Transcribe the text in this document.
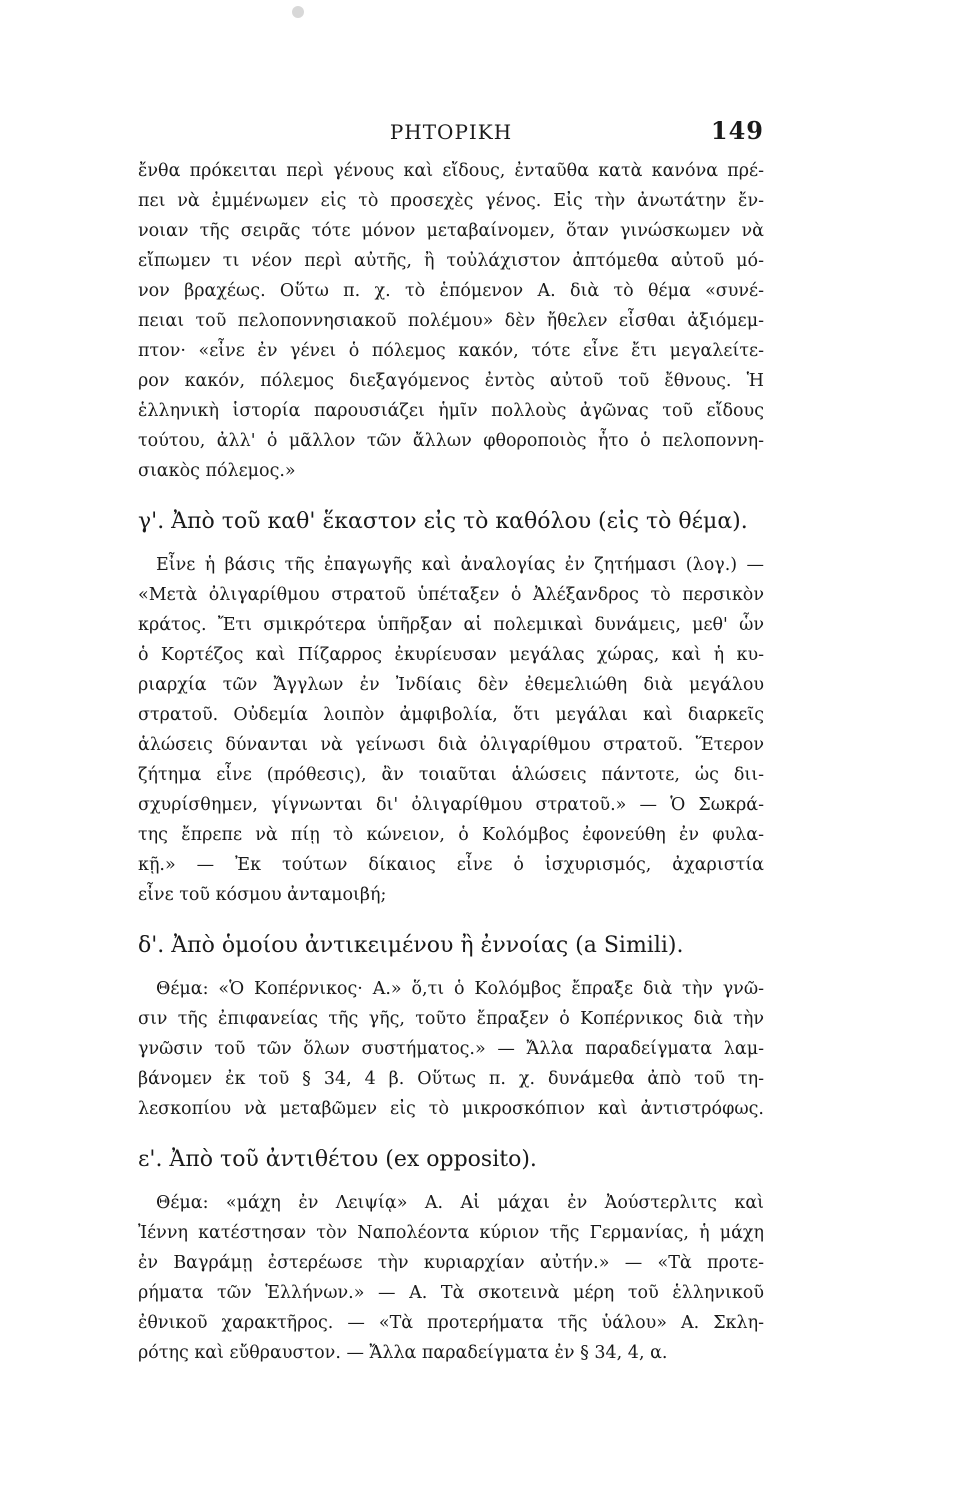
ΡΗΤΟΡΙΚΗ	149
ἔνθα πρόκειται περὶ γένους καὶ εἴδους, ἐνταῦθα κατὰ κανόνα πρέ-
πει νὰ ἐμμένωμεν εἰς τὸ προσεχὲς γένος. Εἰς τὴν ἀνωτάτην ἔν-
νοιαν τῆς σειρᾶς τότε μόνον μεταβαίνομεν, ὅταν γινώσκωμεν νὰ
εἴπωμεν τι νέον περὶ αὐτῆς, ἢ τοὐλάχιστον ἀπτόμεθα αὐτοῦ μό-
νον βραχέως. Οὕτω π. χ. τὸ ἑπόμενον Α. διὰ τὸ θέμα «συνέ-
πειαι τοῦ πελοποννησιακοῦ πολέμου» δὲν ἤθελεν εἶσθαι ἀξιόμεμ-
πτον· «εἶνε ἐν γένει ὁ πόλεμος κακόν, τότε εἶνε ἔτι μεγαλείτε-
ρον κακόν, πόλεμος διεξαγόμενος ἐντὸς αὐτοῦ τοῦ ἔθνους. Ἡ
ἑλληνικὴ ἱστορία παρουσιάζει ἡμῖν πολλοὺς ἀγῶνας τοῦ εἴδους
τούτου, ἀλλ' ὁ μᾶλλον τῶν ἄλλων φθοροποιὸς ἦτο ὁ πελοποννη-
σιακὸς πόλεμος.»
γ'. Ἀπὸ τοῦ καθ' ἕκαστον εἰς τὸ καθόλου (εἰς τὸ θέμα).
Εἶνε ἡ βάσις τῆς ἐπαγωγῆς καὶ ἀναλογίας ἐν ζητήμασι (λογ.) —
«Μετὰ ὀλιγαρίθμου στρατοῦ ὑπέταξεν ὁ Ἀλέξανδρος τὸ περσικὸν
κράτος. Ἔτι σμικρότερα ὑπῆρξαν αἱ πολεμικαὶ δυνάμεις, μεθ' ὧν
ὁ Κορτέζος καὶ Πίζαρρος ἐκυρίευσαν μεγάλας χώρας, καὶ ἡ κυ-
ριαρχία τῶν Ἄγγλων ἐν Ἰνδίαις δὲν ἐθεμελιώθη διὰ μεγάλου
στρατοῦ. Οὐδεμία λοιπὸν ἀμφιβολία, ὅτι μεγάλαι καὶ διαρκεῖς
ἁλώσεις δύνανται νὰ γείνωσι διὰ ὀλιγαρίθμου στρατοῦ. Ἕτερον
ζήτημα εἶνε (πρόθεσις), ἂν τοιαῦται ἁλώσεις πάντοτε, ὡς διι-
σχυρίσθημεν, γίγνωνται δι' ὀλιγαρίθμου στρατοῦ.» — Ὁ Σωκρά-
της ἔπρεπε νὰ πίῃ τὸ κώνειον, ὁ Κολόμβος ἐφονεύθη ἐν φυλα-
κῇ.» — Ἐκ τούτων δίκαιος εἶνε ὁ ἰσχυρισμός, ἀχαριστία
εἶνε τοῦ κόσμου ἀνταμοιβή;
δ'. Ἀπὸ ὁμοίου ἀντικειμένου ἢ ἐννοίας (a Simili).
Θέμα: «Ὁ Κοπέρνικος· Α.» ὅ,τι ὁ Κολόμβος ἔπραξε διὰ τὴν γνῶ-
σιν τῆς ἐπιφανείας τῆς γῆς, τοῦτο ἔπραξεν ὁ Κοπέρνικος διὰ τὴν
γνῶσιν τοῦ τῶν ὅλων συστήματος.» — Ἄλλα παραδείγματα λαμ-
βάνομεν ἐκ τοῦ § 34, 4 β. Οὕτως π. χ. δυνάμεθα ἀπὸ τοῦ τη-
λεσκοπίου νὰ μεταβῶμεν εἰς τὸ μικροσκόπιον καὶ ἀντιστρόφως.
ε'. Ἀπὸ τοῦ ἀντιθέτου (ex opposito).
Θέμα: «μάχη ἐν Λειψίᾳ» Α. Αἱ μάχαι ἐν Ἀούστερλιτς καὶ
Ἰέννη κατέστησαν τὸν Ναπολέοντα κύριον τῆς Γερμανίας, ἡ μάχη
ἐν Βαγράμῃ ἐστερέωσε τὴν κυριαρχίαν αὐτήν.» — «Τὰ προτε-
ρήματα τῶν Ἑλλήνων.» — Α. Τὰ σκοτεινὰ μέρη τοῦ ἑλληνικοῦ
ἐθνικοῦ χαρακτῆρος. — «Τὰ προτερήματα τῆς ὑάλου» Α. Σκλη-
ρότης καὶ εὔθραυστον. — Ἄλλα παραδείγματα ἐν § 34, 4, α.
